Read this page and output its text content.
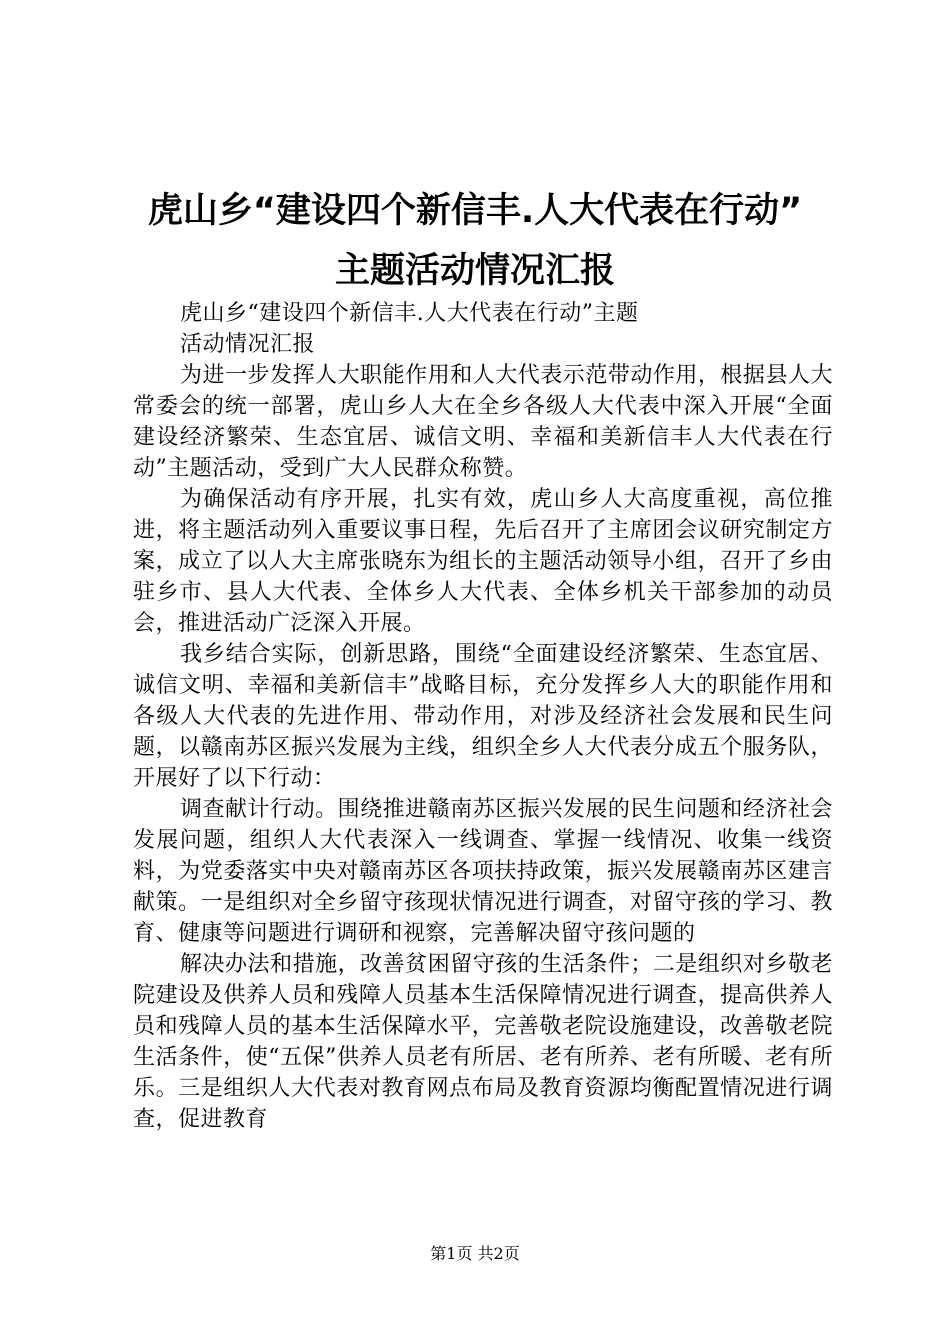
虎山乡“建设四个新信丰.人大代表在行动”
主题活动情况汇报

虎山乡“建设四个新信丰.人大代表在行动”主题

活动情况汇报

为进一步发挥人大职能作用和人大代表示范带动作用，根据县人大常委会的统一部署，虎山乡人大在全乡各级人大代表中深入开展“全面建设经济繁荣、生态宜居、诚信文明、幸福和美新信丰人大代表在行动”主题活动，受到广大人民群众称赞。

为确保活动有序开展，扎实有效，虎山乡人大高度重视，高位推进，将主题活动列入重要议事日程，先后召开了主席团会议研究制定方案，成立了以人大主席张晓东为组长的主题活动领导小组，召开了乡由驻乡市、县人大代表、全体乡人大代表、全体乡机关干部参加的动员会，推进活动广泛深入开展。

我乡结合实际，创新思路，围绕“全面建设经济繁荣、生态宜居、诚信文明、幸福和美新信丰”战略目标，充分发挥乡人大的职能作用和各级人大代表的先进作用、带动作用，对涉及经济社会发展和民生问题，以赣南苏区振兴发展为主线，组织全乡人大代表分成五个服务队，开展好了以下行动：

调查献计行动。围绕推进赣南苏区振兴发展的民生问题和经济社会发展问题，组织人大代表深入一线调查、掌握一线情况、收集一线资料，为党委落实中央对赣南苏区各项扶持政策，振兴发展赣南苏区建言献策。一是组织对全乡留守孩现状情况进行调查，对留守孩的学习、教育、健康等问题进行调研和视察，完善解决留守孩问题的

解决办法和措施，改善贫困留守孩的生活条件；二是组织对乡敬老院建设及供养人员和残障人员基本生活保障情况进行调查，提高供养人员和残障人员的基本生活保障水平，完善敬老院设施建设，改善敬老院生活条件，使“五保”供养人员老有所居、老有所养、老有所暖、老有所乐。三是组织人大代表对教育网点布局及教育资源均衡配置情况进行调查，促进教育

第1页 共2页
